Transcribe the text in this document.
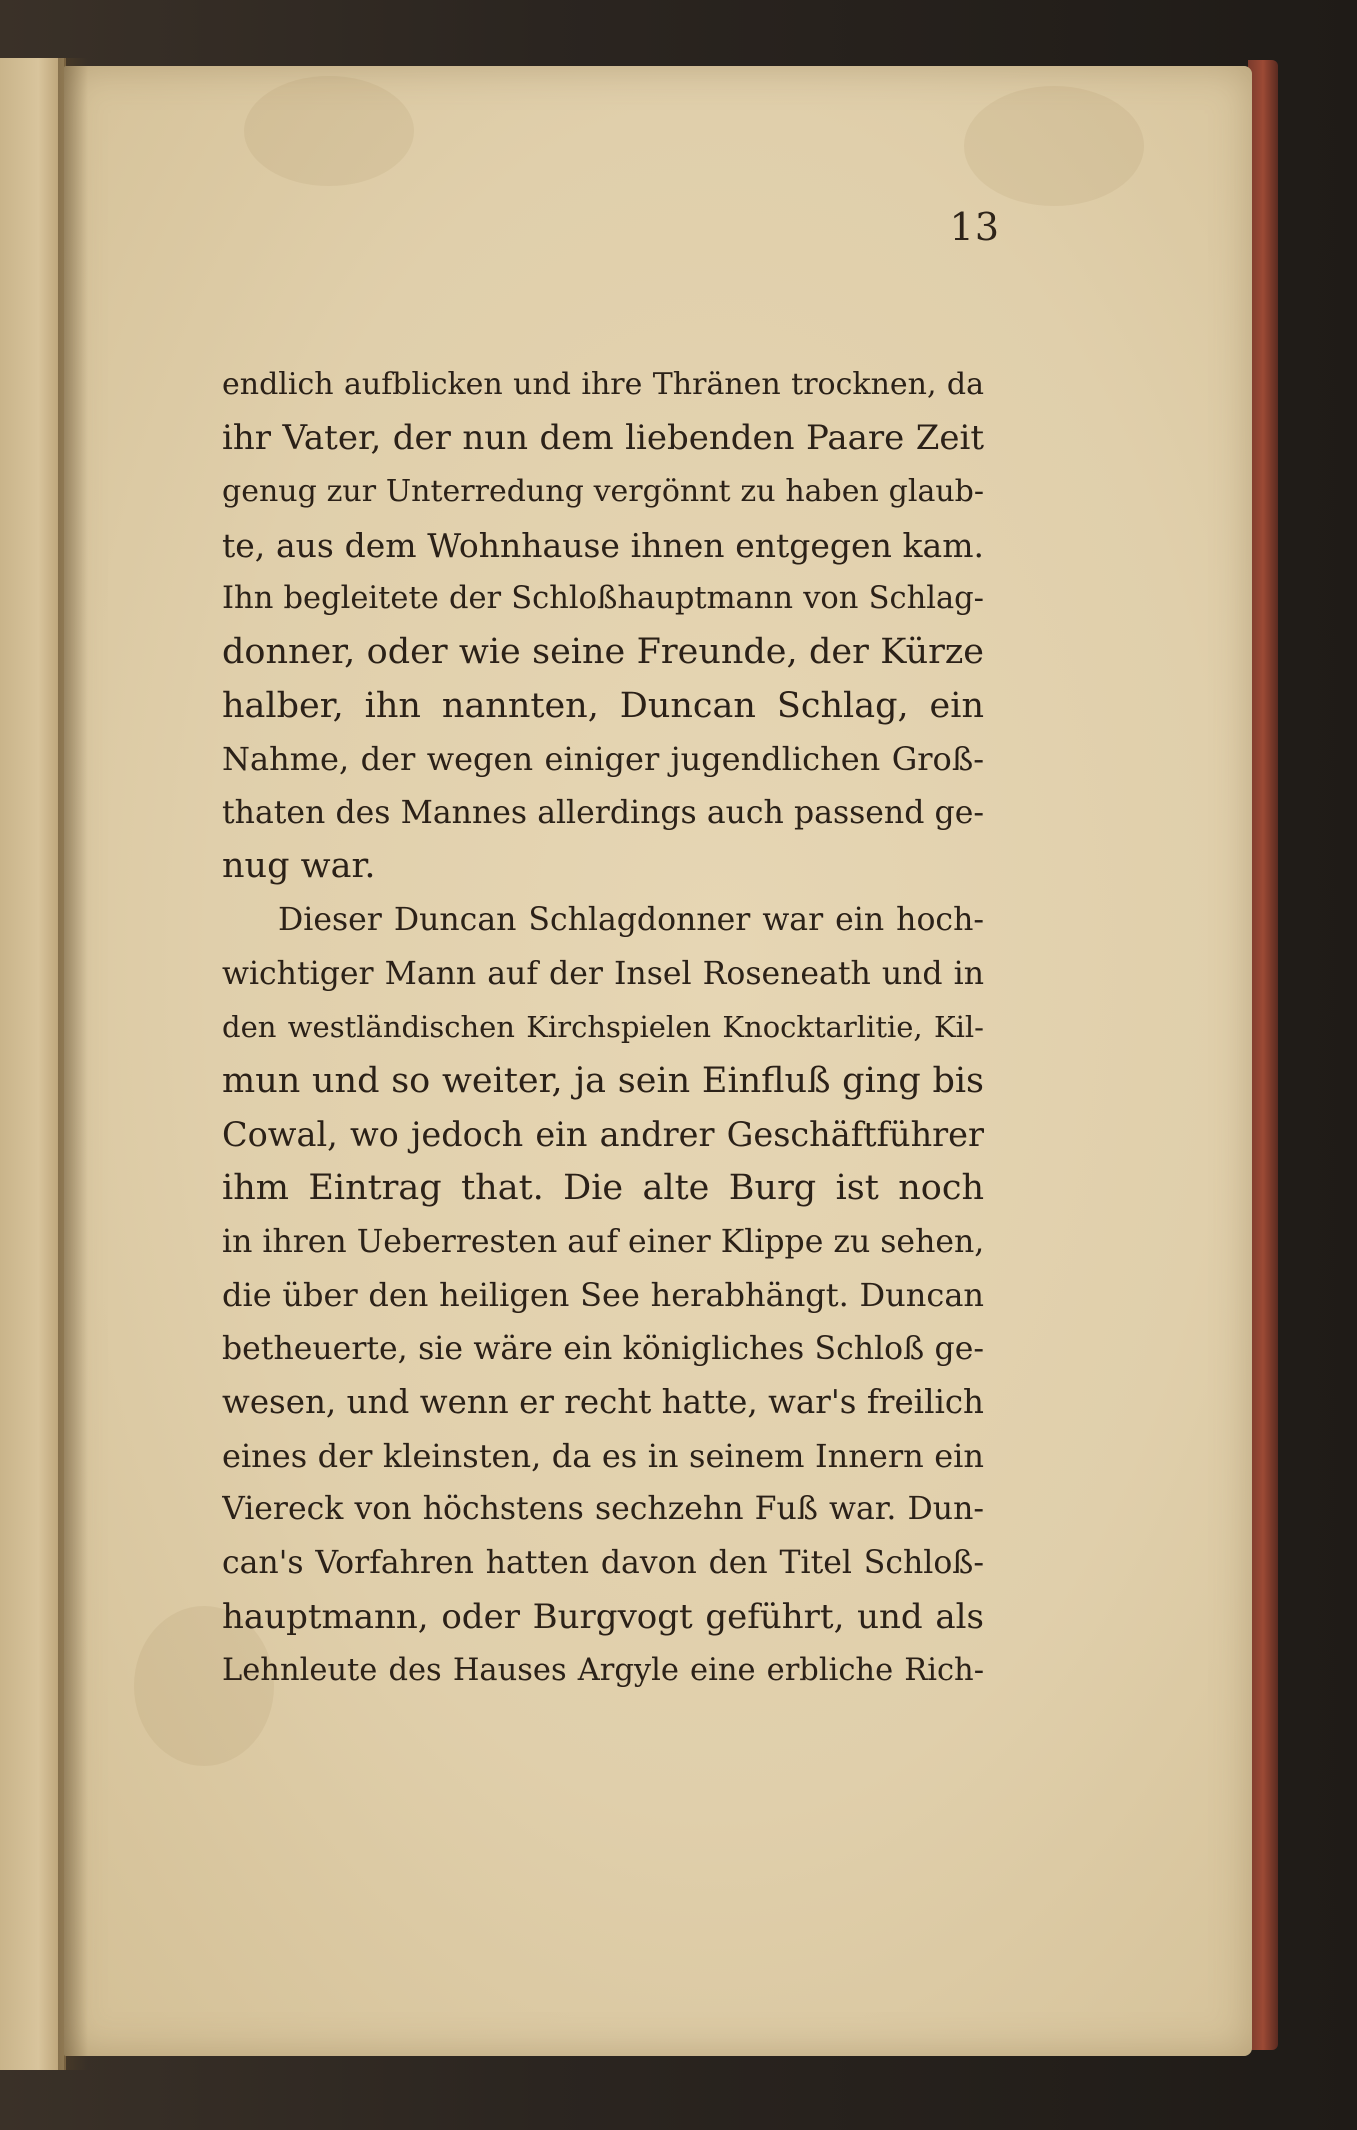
13
endlich aufblicken und ihre Thränen trocknen, da
ihr Vater, der nun dem liebenden Paare Zeit
genug zur Unterredung vergönnt zu haben glaub-
te, aus dem Wohnhause ihnen entgegen kam.
Ihn begleitete der Schloßhauptmann von Schlag-
donner, oder wie seine Freunde, der Kürze
halber, ihn nannten, Duncan Schlag, ein
Nahme, der wegen einiger jugendlichen Groß-
thaten des Mannes allerdings auch passend ge-
nug war.
Dieser Duncan Schlagdonner war ein hoch-
wichtiger Mann auf der Insel Roseneath und in
den westländischen Kirchspielen Knocktarlitie, Kil-
mun und so weiter, ja sein Einfluß ging bis
Cowal, wo jedoch ein andrer Geschäftführer
ihm Eintrag that. Die alte Burg ist noch
in ihren Ueberresten auf einer Klippe zu sehen,
die über den heiligen See herabhängt. Duncan
betheuerte, sie wäre ein königliches Schloß ge-
wesen, und wenn er recht hatte, war's freilich
eines der kleinsten, da es in seinem Innern ein
Viereck von höchstens sechzehn Fuß war. Dun-
can's Vorfahren hatten davon den Titel Schloß-
hauptmann, oder Burgvogt geführt, und als
Lehnleute des Hauses Argyle eine erbliche Rich-
